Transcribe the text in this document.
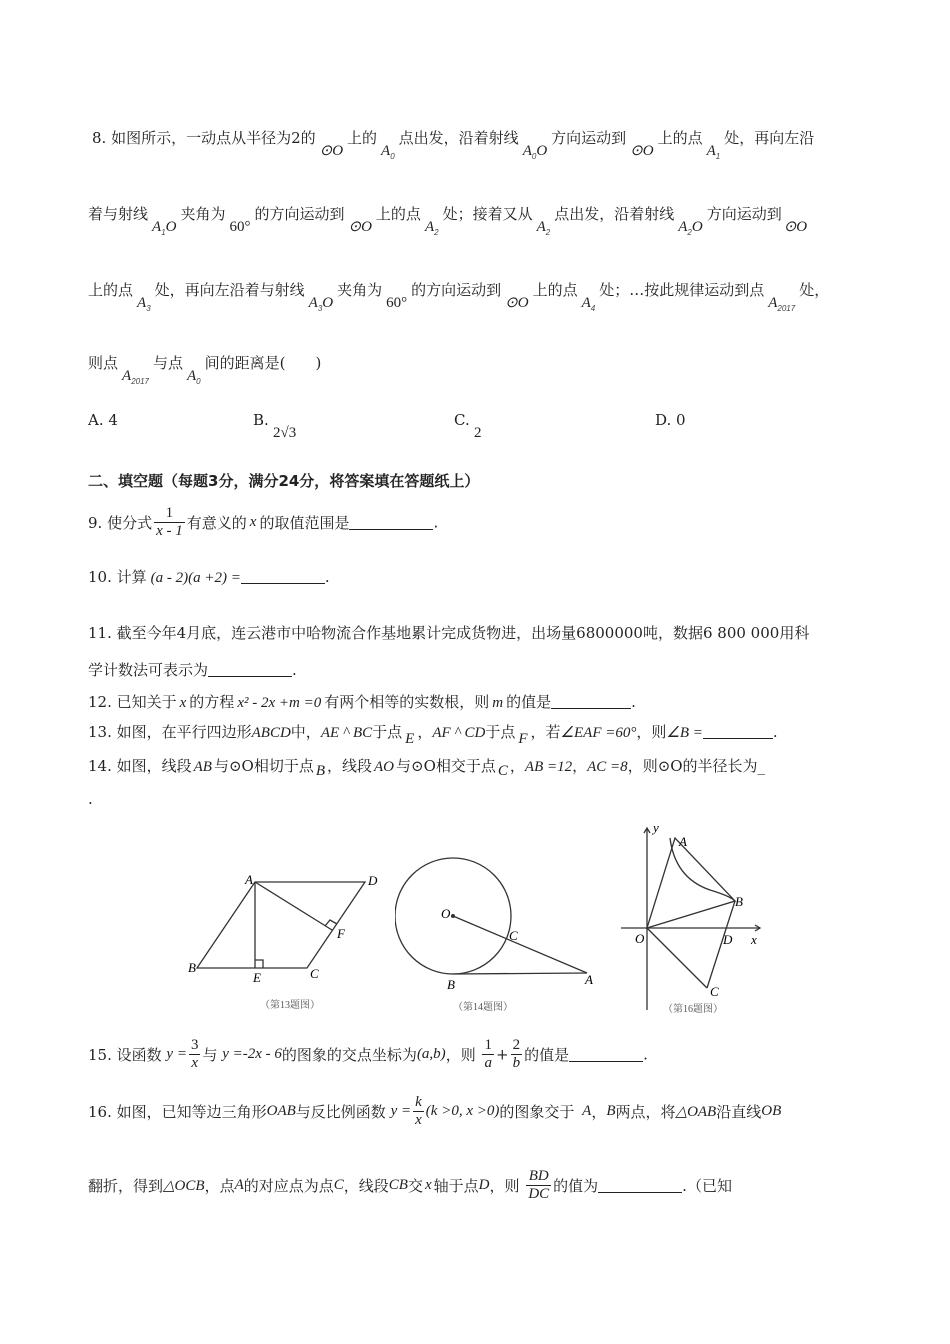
8. 如图所示，一动点从半径为2的⊙O上的$A_0$点出发，沿着射线$A_0O$方向运动到⊙O上的点$A_1$处，再向左沿
着与射线$A_1O$夹角为60°的方向运动到⊙O上的点$A_2$处；接着又从$A_2$点出发，沿着射线$A_2O$方向运动到⊙O
上的点$A_3$处，再向左沿着与射线$A_3O$夹角为60°的方向运动到⊙O上的点$A_4$处；…按此规律运动到点$A_{2017}$处，
则点$A_{2017}$与点$A_0$间的距离是(　　)
A. 4	B.
2√3
C.
2
D. 0
二、填空题（每题3分，满分24分，将答案填在答题纸上）
9. 使分式 $\frac{1}{x - 1}$ 有意义的 x 的取值范围是	.
10. 计算 (a - 2)(a +2) =	.
11. 截至今年4月底，连云港市中哈物流合作基地累计完成货物进，出场量6800000吨，数据6 800 000用科
学计数法可表示为	.
12. 已知关于 x 的方程 x² - 2x +m =0 有两个相等的实数根，则 m 的值是	.
13. 如图，在平行四边形ABCD中，AE ^ BC于点 E ，AF ^ CD于点 F ，若∠EAF =60°，则∠B =	.
14. 如图，线段 AB 与⊙O相切于点 B ，线段 AO 与⊙O相交于点 C ，AB =12，AC =8，则⊙O的半径长为_
.
A	D
F
B
E	C
（第13题图）
O
C
B	A
（第14题图）
y
A
B
O	D x
C
（第16题图）
15. 设函数 $y = \frac{3}{x}$ 与 y =-2x - 6的图象的交点坐标为(a,b)，则 $\frac{1}{a} + \frac{2}{b}$ 的值是	.
16. 如图，已知等边三角形OAB与反比例函数 $y = \frac{k}{x} (k >0$, x >0)的图象交于 A，B两点，将△OAB沿直线OB
翻折，得到△OCB，点A的对应点为点C，线段CB交 x 轴于点D，则 $\frac{BD}{DC}$ 的值为	.（已知
